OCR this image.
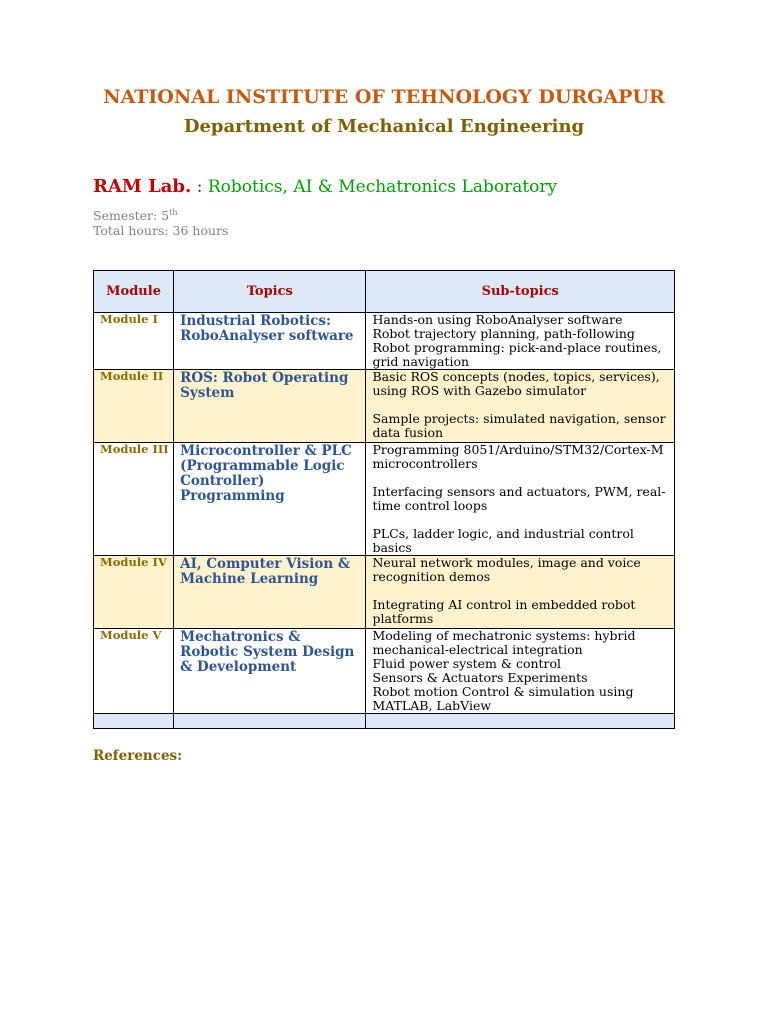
NATIONAL INSTITUTE OF TEHNOLOGY DURGAPUR
Department of Mechanical Engineering
RAM Lab. : Robotics, AI & Mechatronics Laboratory
Semester: 5th
Total hours: 36 hours
Module	Topics	Sub-topics
Module I	Industrial Robotics: RoboAnalyser software	Hands-on using RoboAnalyser software
Robot trajectory planning, path-following
Robot programming: pick-and-place routines, grid navigation

Module II	ROS: Robot Operating System	Basic ROS concepts (nodes, topics, services), using ROS with Gazebo simulator
Sample projects: simulated navigation, sensor data fusion

Module III	Microcontroller & PLC (Programmable Logic Controller) Programming	Programming 8051/Arduino/STM32/Cortex-M microcontrollers
Interfacing sensors and actuators, PWM, real-time control loops
PLCs, ladder logic, and industrial control basics

Module IV	AI, Computer Vision & Machine Learning	Neural network modules, image and voice recognition demos
Integrating AI control in embedded robot platforms

Module V	Mechatronics & Robotic System Design & Development	Modeling of mechatronic systems: hybrid mechanical-electrical integration
Fluid power system & control
Sensors & Actuators Experiments
Robot motion Control & simulation using MATLAB, LabView

References:
